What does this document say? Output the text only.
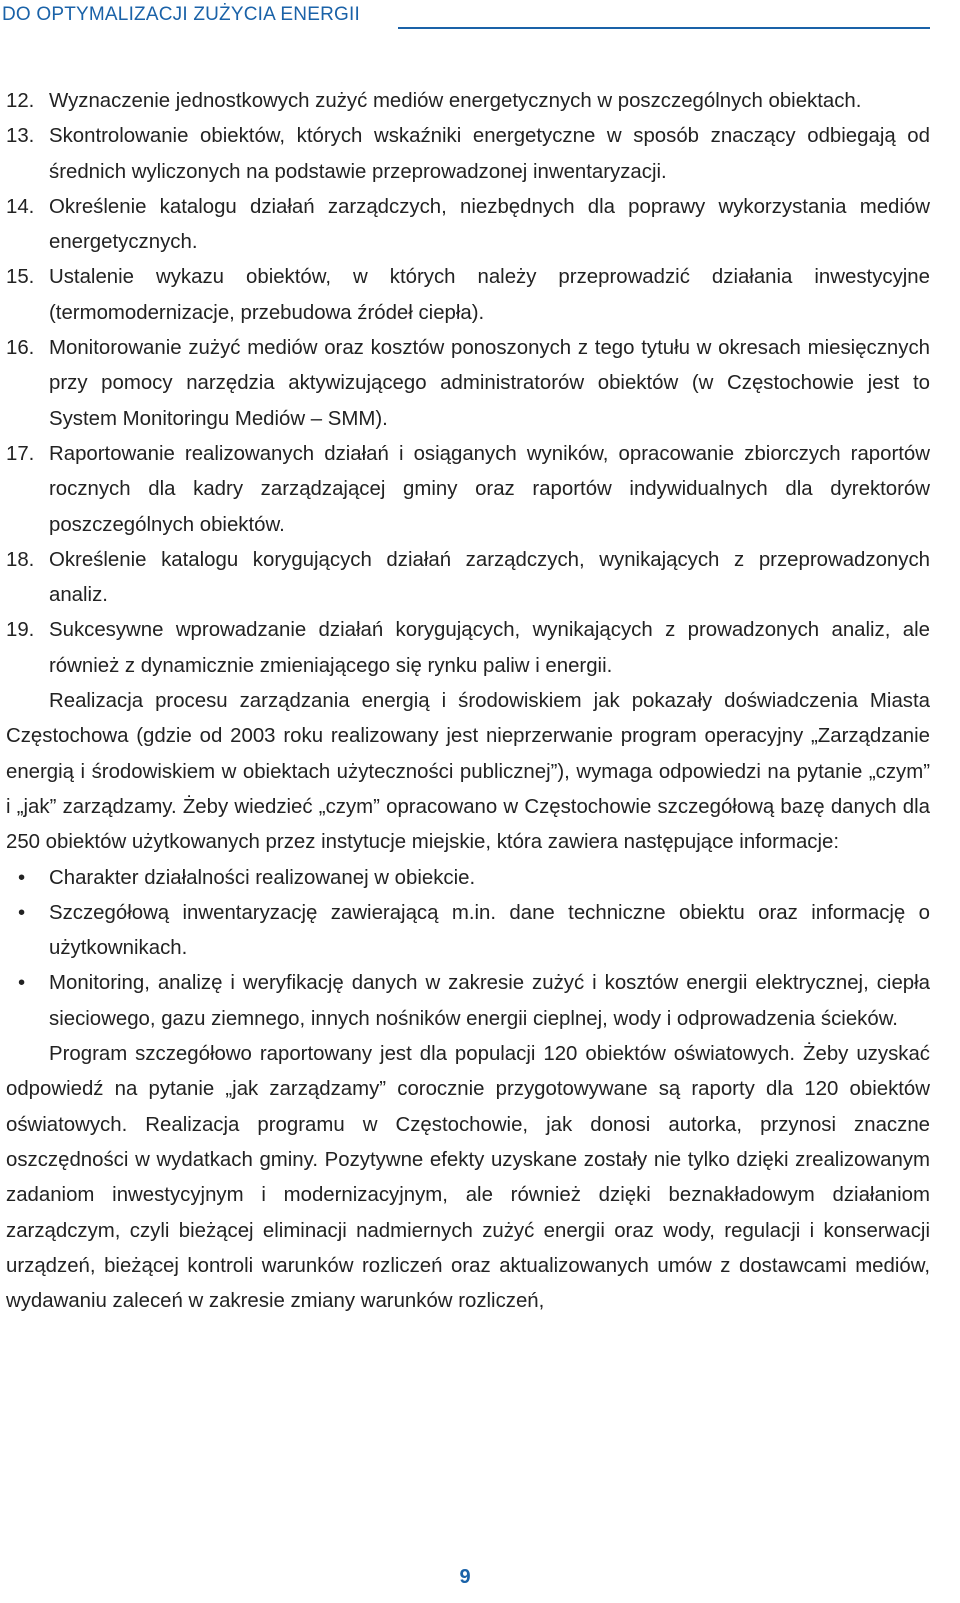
DO OPTYMALIZACJI ZUŻYCIA ENERGII
12. Wyznaczenie jednostkowych zużyć mediów energetycznych w poszczególnych obiektach.
13. Skontrolowanie obiektów, których wskaźniki energetyczne w sposób znaczący odbiegają od średnich wyliczonych na podstawie przeprowadzonej inwentaryzacji.
14. Określenie katalogu działań zarządczych, niezbędnych dla poprawy wykorzystania mediów energetycznych.
15. Ustalenie wykazu obiektów, w których należy przeprowadzić działania inwestycyjne (termomodernizacje, przebudowa źródeł ciepła).
16. Monitorowanie zużyć mediów oraz kosztów ponoszonych z tego tytułu w okresach miesięcznych przy pomocy narzędzia aktywizującego administratorów obiektów (w Częstochowie jest to System Monitoringu Mediów – SMM).
17. Raportowanie realizowanych działań i osiąganych wyników, opracowanie zbiorczych raportów rocznych dla kadry zarządzającej gminy oraz raportów indywidualnych dla dyrektorów poszczególnych obiektów.
18. Określenie katalogu korygujących działań zarządczych, wynikających z przeprowadzonych analiz.
19. Sukcesywne wprowadzanie działań korygujących, wynikających z prowadzonych analiz, ale również z dynamicznie zmieniającego się rynku paliw i energii.

Realizacja procesu zarządzania energią i środowiskiem jak pokazały doświadczenia Miasta Częstochowa (gdzie od 2003 roku realizowany jest nieprzerwanie program operacyjny „Zarządzanie energią i środowiskiem w obiektach użyteczności publicznej”), wymaga odpowiedzi na pytanie „czym” i „jak” zarządzamy. Żeby wiedzieć „czym” opracowano w Częstochowie szczegółową bazę danych dla 250 obiektów użytkowanych przez instytucje miejskie, która zawiera następujące informacje:

• Charakter działalności realizowanej w obiekcie.
• Szczegółową inwentaryzację zawierającą m.in. dane techniczne obiektu oraz informację o użytkownikach.
• Monitoring, analizę i weryfikację danych w zakresie zużyć i kosztów energii elektrycznej, ciepła sieciowego, gazu ziemnego, innych nośników energii cieplnej, wody i odprowadzenia ścieków.

Program szczegółowo raportowany jest dla populacji 120 obiektów oświatowych. Żeby uzyskać odpowiedź na pytanie „jak zarządzamy” corocznie przygotowywane są raporty dla 120 obiektów oświatowych. Realizacja programu w Częstochowie, jak donosi autorka, przynosi znaczne oszczędności w wydatkach gminy. Pozytywne efekty uzyskane zostały nie tylko dzięki zrealizowanym zadaniom inwestycyjnym i modernizacyjnym, ale również dzięki beznakładowym działaniom zarządczym, czyli bieżącej eliminacji nadmiernych zużyć energii oraz wody, regulacji i konserwacji urządzeń, bieżącej kontroli warunków rozliczeń oraz aktualizowanych umów z dostawcami mediów, wydawaniu zaleceń w zakresie zmiany warunków rozliczeń,

9
